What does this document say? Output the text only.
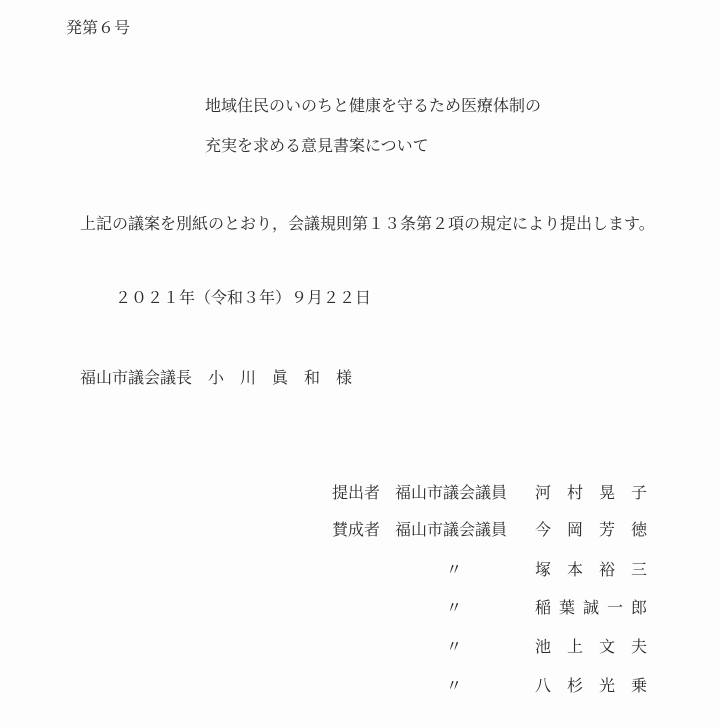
発第６号
地域住民のいのちと健康を守るため医療体制の
充実を求める意見書案について
上記の議案を別紙のとおり，会議規則第１３条第２項の規定により提出します。
２０２１年（令和３年）９月２２日
福山市議会議長　小　川　眞　和　様
提出者 福山市議会議員 河村晃子
賛成者 福山市議会議員 今岡芳徳
〃	塚本裕三
〃	稲葉誠一郎
〃	池上文夫
〃	八杉光乗
